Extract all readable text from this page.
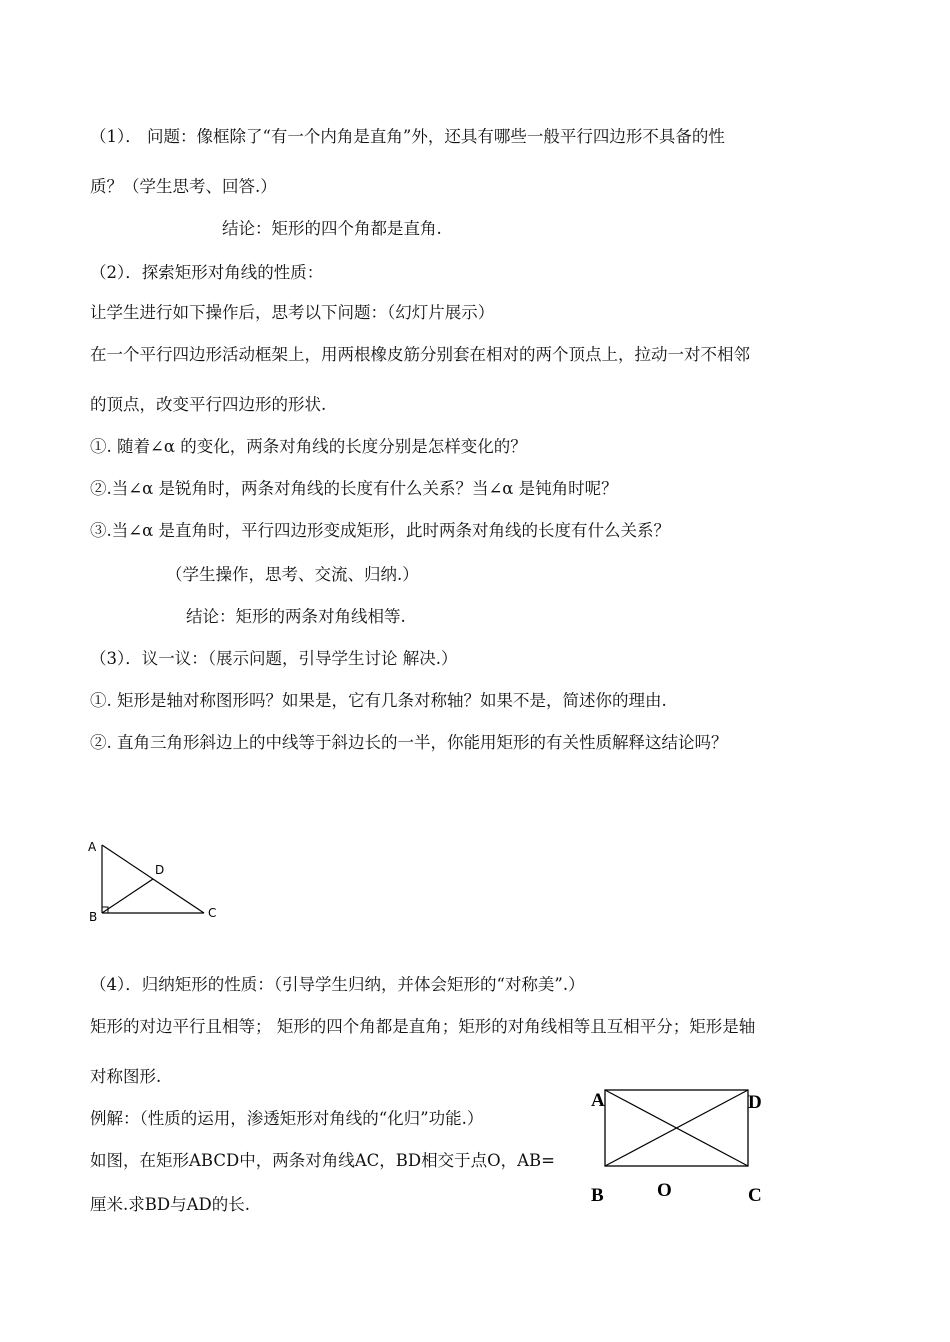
（1）． 问题：像框除了“有一个内角是直角”外，还具有哪些一般平行四边形不具备的性
质？（学生思考、回答.）
结论：矩形的四个角都是直角.
（2）．探索矩形对角线的性质：
让学生进行如下操作后，思考以下问题：（幻灯片展示）
在一个平行四边形活动框架上，用两根橡皮筋分别套在相对的两个顶点上，拉动一对不相邻
的顶点，改变平行四边形的形状.
①. 随着∠α 的变化，两条对角线的长度分别是怎样变化的？
②.当∠α 是锐角时，两条对角线的长度有什么关系？当∠α 是钝角时呢？
③.当∠α 是直角时，平行四边形变成矩形，此时两条对角线的长度有什么关系？
（学生操作，思考、交流、归纳.）
结论：矩形的两条对角线相等.
（3）．议一议：（展示问题，引导学生讨论 解决.）
①. 矩形是轴对称图形吗？如果是，它有几条对称轴？如果不是，简述你的理由.
②. 直角三角形斜边上的中线等于斜边长的一半，你能用矩形的有关性质解释这结论吗？
A
D
B	C
（4）．归纳矩形的性质：（引导学生归纳，并体会矩形的“对称美”.）
矩形的对边平行且相等； 矩形的四个角都是直角；矩形的对角线相等且互相平分；矩形是轴
对称图形.
例解：（性质的运用，渗透矩形对角线的“化归”功能.）
如图，在矩形ABCD中，两条对角线AC，BD相交于点O，AB=
厘米.求BD与AD的长.
A	D
B	O	C
